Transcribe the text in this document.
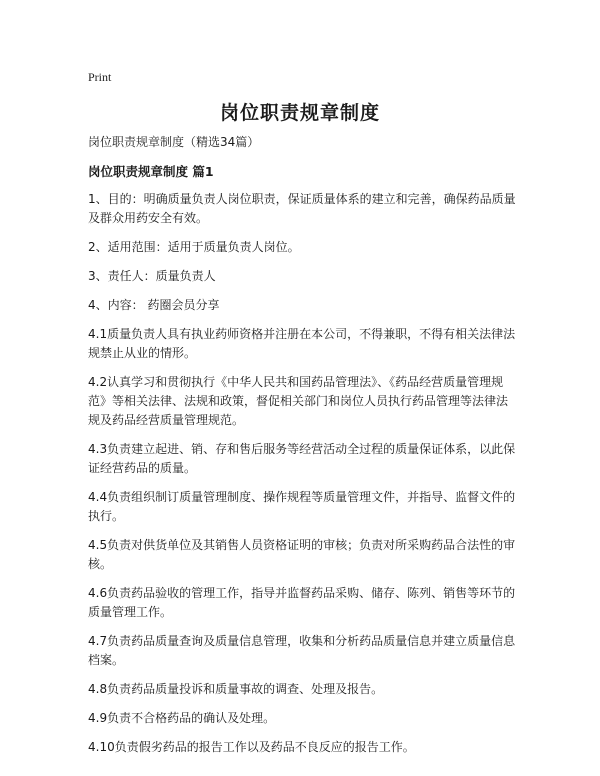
Print
岗位职责规章制度

岗位职责规章制度（精选34篇）

岗位职责规章制度 篇1

1、目的：明确质量负责人岗位职责，保证质量体系的建立和完善，确保药品质量及群众用药安全有效。

2、适用范围：适用于质量负责人岗位。

3、责任人：质量负责人

4、内容： 药圈会员分享

4.1质量负责人具有执业药师资格并注册在本公司，不得兼职，不得有相关法律法规禁止从业的情形。

4.2认真学习和贯彻执行《中华人民共和国药品管理法》、《药品经营质量管理规范》等相关法律、法规和政策，督促相关部门和岗位人员执行药品管理等法律法规及药品经营质量管理规范。

4.3负责建立起进、销、存和售后服务等经营活动全过程的质量保证体系，以此保证经营药品的质量。

4.4负责组织制订质量管理制度、操作规程等质量管理文件，并指导、监督文件的执行。

4.5负责对供货单位及其销售人员资格证明的审核；负责对所采购药品合法性的审核。

4.6负责药品验收的管理工作，指导并监督药品采购、储存、陈列、销售等环节的质量管理工作。

4.7负责药品质量查询及质量信息管理，收集和分析药品质量信息并建立质量信息档案。

4.8负责药品质量投诉和质量事故的调查、处理及报告。

4.9负责不合格药品的确认及处理。

4.10负责假劣药品的报告工作以及药品不良反应的报告工作。
